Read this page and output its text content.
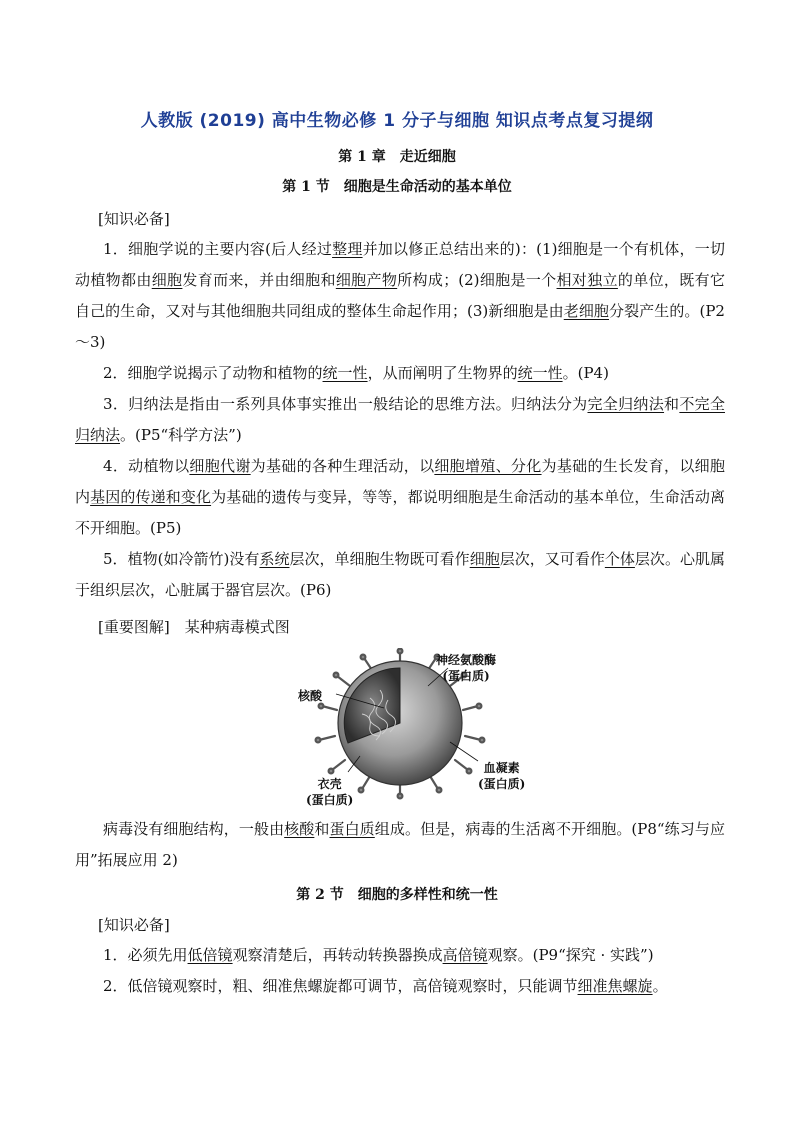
人教版 (2019) 高中生物必修 1 分子与细胞 知识点考点复习提纲
第 1 章　走近细胞
第 1 节　细胞是生命活动的基本单位
[知识必备]
1．细胞学说的主要内容(后人经过整理并加以修正总结出来的)：(1)细胞是一个有机体，一切动植物都由细胞发育而来，并由细胞和细胞产物所构成；(2)细胞是一个相对独立的单位，既有它自己的生命，又对与其他细胞共同组成的整体生命起作用；(3)新细胞是由老细胞分裂产生的。(P2～3)
2．细胞学说揭示了动物和植物的统一性，从而阐明了生物界的统一性。(P4)
3．归纳法是指由一系列具体事实推出一般结论的思维方法。归纳法分为完全归纳法和不完全归纳法。(P5“科学方法”)
4．动植物以细胞代谢为基础的各种生理活动，以细胞增殖、分化为基础的生长发育，以细胞内基因的传递和变化为基础的遗传与变异，等等，都说明细胞是生命活动的基本单位，生命活动离不开细胞。(P5)
5．植物(如冷箭竹)没有系统层次，单细胞生物既可看作细胞层次，又可看作个体层次。心肌属于组织层次，心脏属于器官层次。(P6)
[重要图解]　某种病毒模式图
神经氨酸酶
(蛋白质)
核酸
血凝素
(蛋白质)
衣壳
(蛋白质)
病毒没有细胞结构，一般由核酸和蛋白质组成。但是，病毒的生活离不开细胞。(P8“练习与应用”拓展应用 2)
第 2 节　细胞的多样性和统一性
[知识必备]
1．必须先用低倍镜观察清楚后，再转动转换器换成高倍镜观察。(P9“探究 · 实践”)
2．低倍镜观察时，粗、细准焦螺旋都可调节，高倍镜观察时，只能调节细准焦螺旋。
